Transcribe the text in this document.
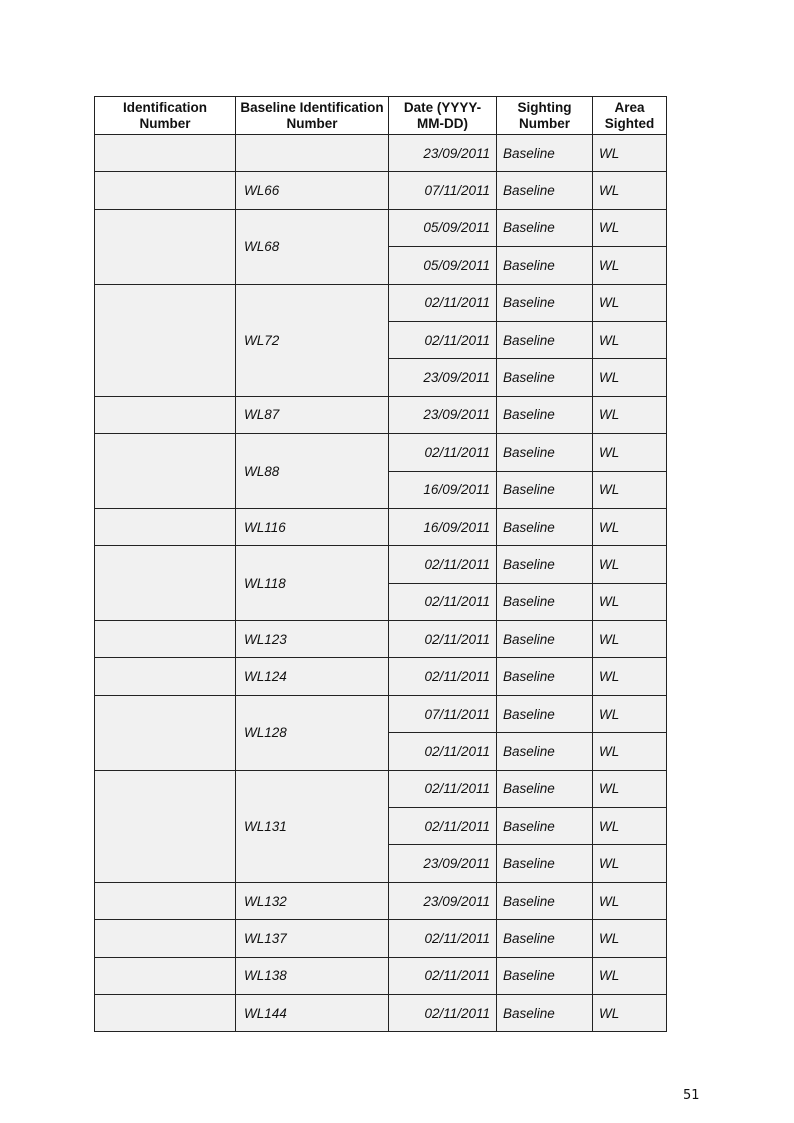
Identification Number	Baseline Identification Number	Date (YYYY-MM-DD)	Sighting Number	Area Sighted
		23/09/2011	Baseline	WL
	WL66	07/11/2011	Baseline	WL
	WL68	05/09/2011	Baseline	WL
		05/09/2011	Baseline	WL
	WL72	02/11/2011	Baseline	WL
		02/11/2011	Baseline	WL
		23/09/2011	Baseline	WL
	WL87	23/09/2011	Baseline	WL
	WL88	02/11/2011	Baseline	WL
		16/09/2011	Baseline	WL
	WL116	16/09/2011	Baseline	WL
	WL118	02/11/2011	Baseline	WL
		02/11/2011	Baseline	WL
	WL123	02/11/2011	Baseline	WL
	WL124	02/11/2011	Baseline	WL
	WL128	07/11/2011	Baseline	WL
		02/11/2011	Baseline	WL
	WL131	02/11/2011	Baseline	WL
		02/11/2011	Baseline	WL
		23/09/2011	Baseline	WL
	WL132	23/09/2011	Baseline	WL
	WL137	02/11/2011	Baseline	WL
	WL138	02/11/2011	Baseline	WL
	WL144	02/11/2011	Baseline	WL
51
